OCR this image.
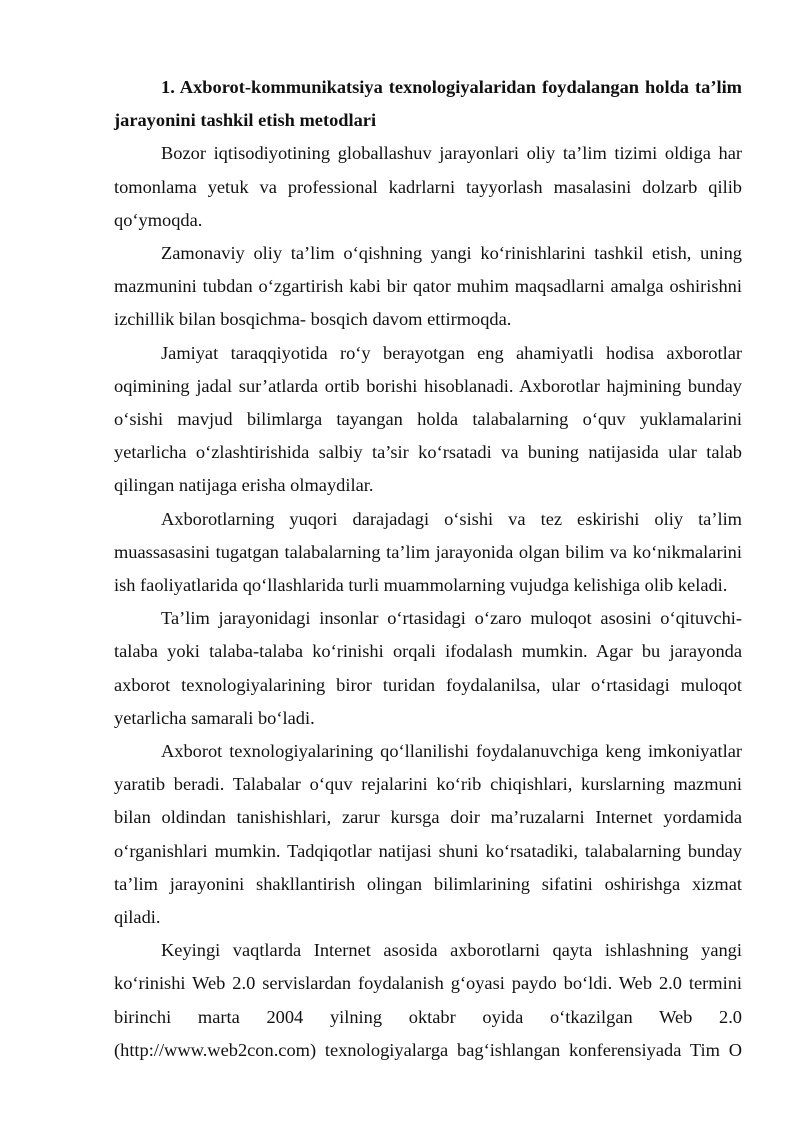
1. Axborot-kommunikatsiya texnologiyalaridan foydalangan holda ta’lim jarayonini tashkil etish metodlari

Bozor iqtisodiyotining globallashuv jarayonlari oliy ta’lim tizimi oldiga har tomonlama yetuk va professional kadrlarni tayyorlash masalasini dolzarb qilib qo‘ymoqda.

Zamonaviy oliy ta’lim o‘qishning yangi ko‘rinishlarini tashkil etish, uning mazmunini tubdan o‘zgartirish kabi bir qator muhim maqsadlarni amalga oshirishni izchillik bilan bosqichma- bosqich davom ettirmoqda.

Jamiyat taraqqiyotida ro‘y berayotgan eng ahamiyatli hodisa axborotlar oqimining jadal sur’atlarda ortib borishi hisoblanadi. Axborotlar hajmining bunday o‘sishi mavjud bilimlarga tayangan holda talabalarning o‘quv yuklamalarini yetarlicha o‘zlashtirishida salbiy ta’sir ko‘rsatadi va buning natijasida ular talab qilingan natijaga erisha olmaydilar.

Axborotlarning yuqori darajadagi o‘sishi va tez eskirishi oliy ta’lim muassasasini tugatgan talabalarning ta’lim jarayonida olgan bilim va ko‘nikmalarini ish faoliyatlarida qo‘llashlarida turli muammolarning vujudga kelishiga olib keladi.

Ta’lim jarayonidagi insonlar o‘rtasidagi o‘zaro muloqot asosini o‘qituvchi-talaba yoki talaba-talaba ko‘rinishi orqali ifodalash mumkin. Agar bu jarayonda axborot texnologiyalarining biror turidan foydalanilsa, ular o‘rtasidagi muloqot yetarlicha samarali bo‘ladi.

Axborot texnologiyalarining qo‘llanilishi foydalanuvchiga keng imkoniyatlar yaratib beradi. Talabalar o‘quv rejalarini ko‘rib chiqishlari, kurslarning mazmuni bilan oldindan tanishishlari, zarur kursga doir ma’ruzalarni Internet yordamida o‘rganishlari mumkin. Tadqiqotlar natijasi shuni ko‘rsatadiki, talabalarning bunday ta’lim jarayonini shakllantirish olingan bilimlarining sifatini oshirishga xizmat qiladi.

Keyingi vaqtlarda Internet asosida axborotlarni qayta ishlashning yangi ko‘rinishi Web 2.0 servislardan foydalanish g‘oyasi paydo bo‘ldi. Web 2.0 termini birinchi marta 2004 yilning oktabr oyida o‘tkazilgan Web 2.0 (http://www.web2con.com) texnologiyalarga bag‘ishlangan konferensiyada Tim O
